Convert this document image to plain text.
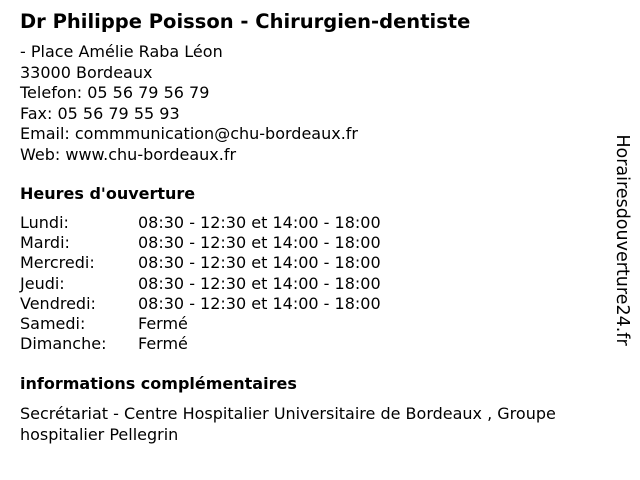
Dr Philippe Poisson - Chirurgien-dentiste
- Place Amélie Raba Léon
33000 Bordeaux
Telefon: 05 56 79 56 79
Fax: 05 56 79 55 93
Email: commmunication@chu-bordeaux.fr
Web: www.chu-bordeaux.fr
Heures d'ouverture
Lundi:	08:30 - 12:30 et 14:00 - 18:00
Mardi:	08:30 - 12:30 et 14:00 - 18:00
Mercredi:	08:30 - 12:30 et 14:00 - 18:00
Jeudi:	08:30 - 12:30 et 14:00 - 18:00
Vendredi:	08:30 - 12:30 et 14:00 - 18:00
Samedi:	Fermé
Dimanche: Fermé
informations complémentaires
Secrétariat - Centre Hospitalier Universitaire de Bordeaux , Groupe hospitalier Pellegrin
Horairesdouverture24.fr
